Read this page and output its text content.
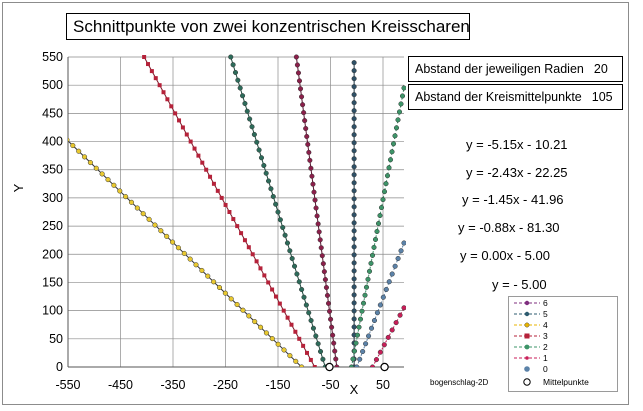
0
50
100
150
200
250
300
350
400
450
500
550
-550 -450 -350 -250 -150 -50	50
X
Y
Schnittpunkte von zwei konzentrischen Kreisscharen
Abstand der jeweiligen Radien 20
Abstand der Kreismittelpunkte 105
y = -5.15x - 10.21
y = -2.43x - 22.25
y = -1.45x - 41.96
y = -0.88x - 81.30
y = 0.00x - 5.00
y = - 5.00
6
5
4
3
2
1
0
Mittelpunkte
bogenschlag-2D
